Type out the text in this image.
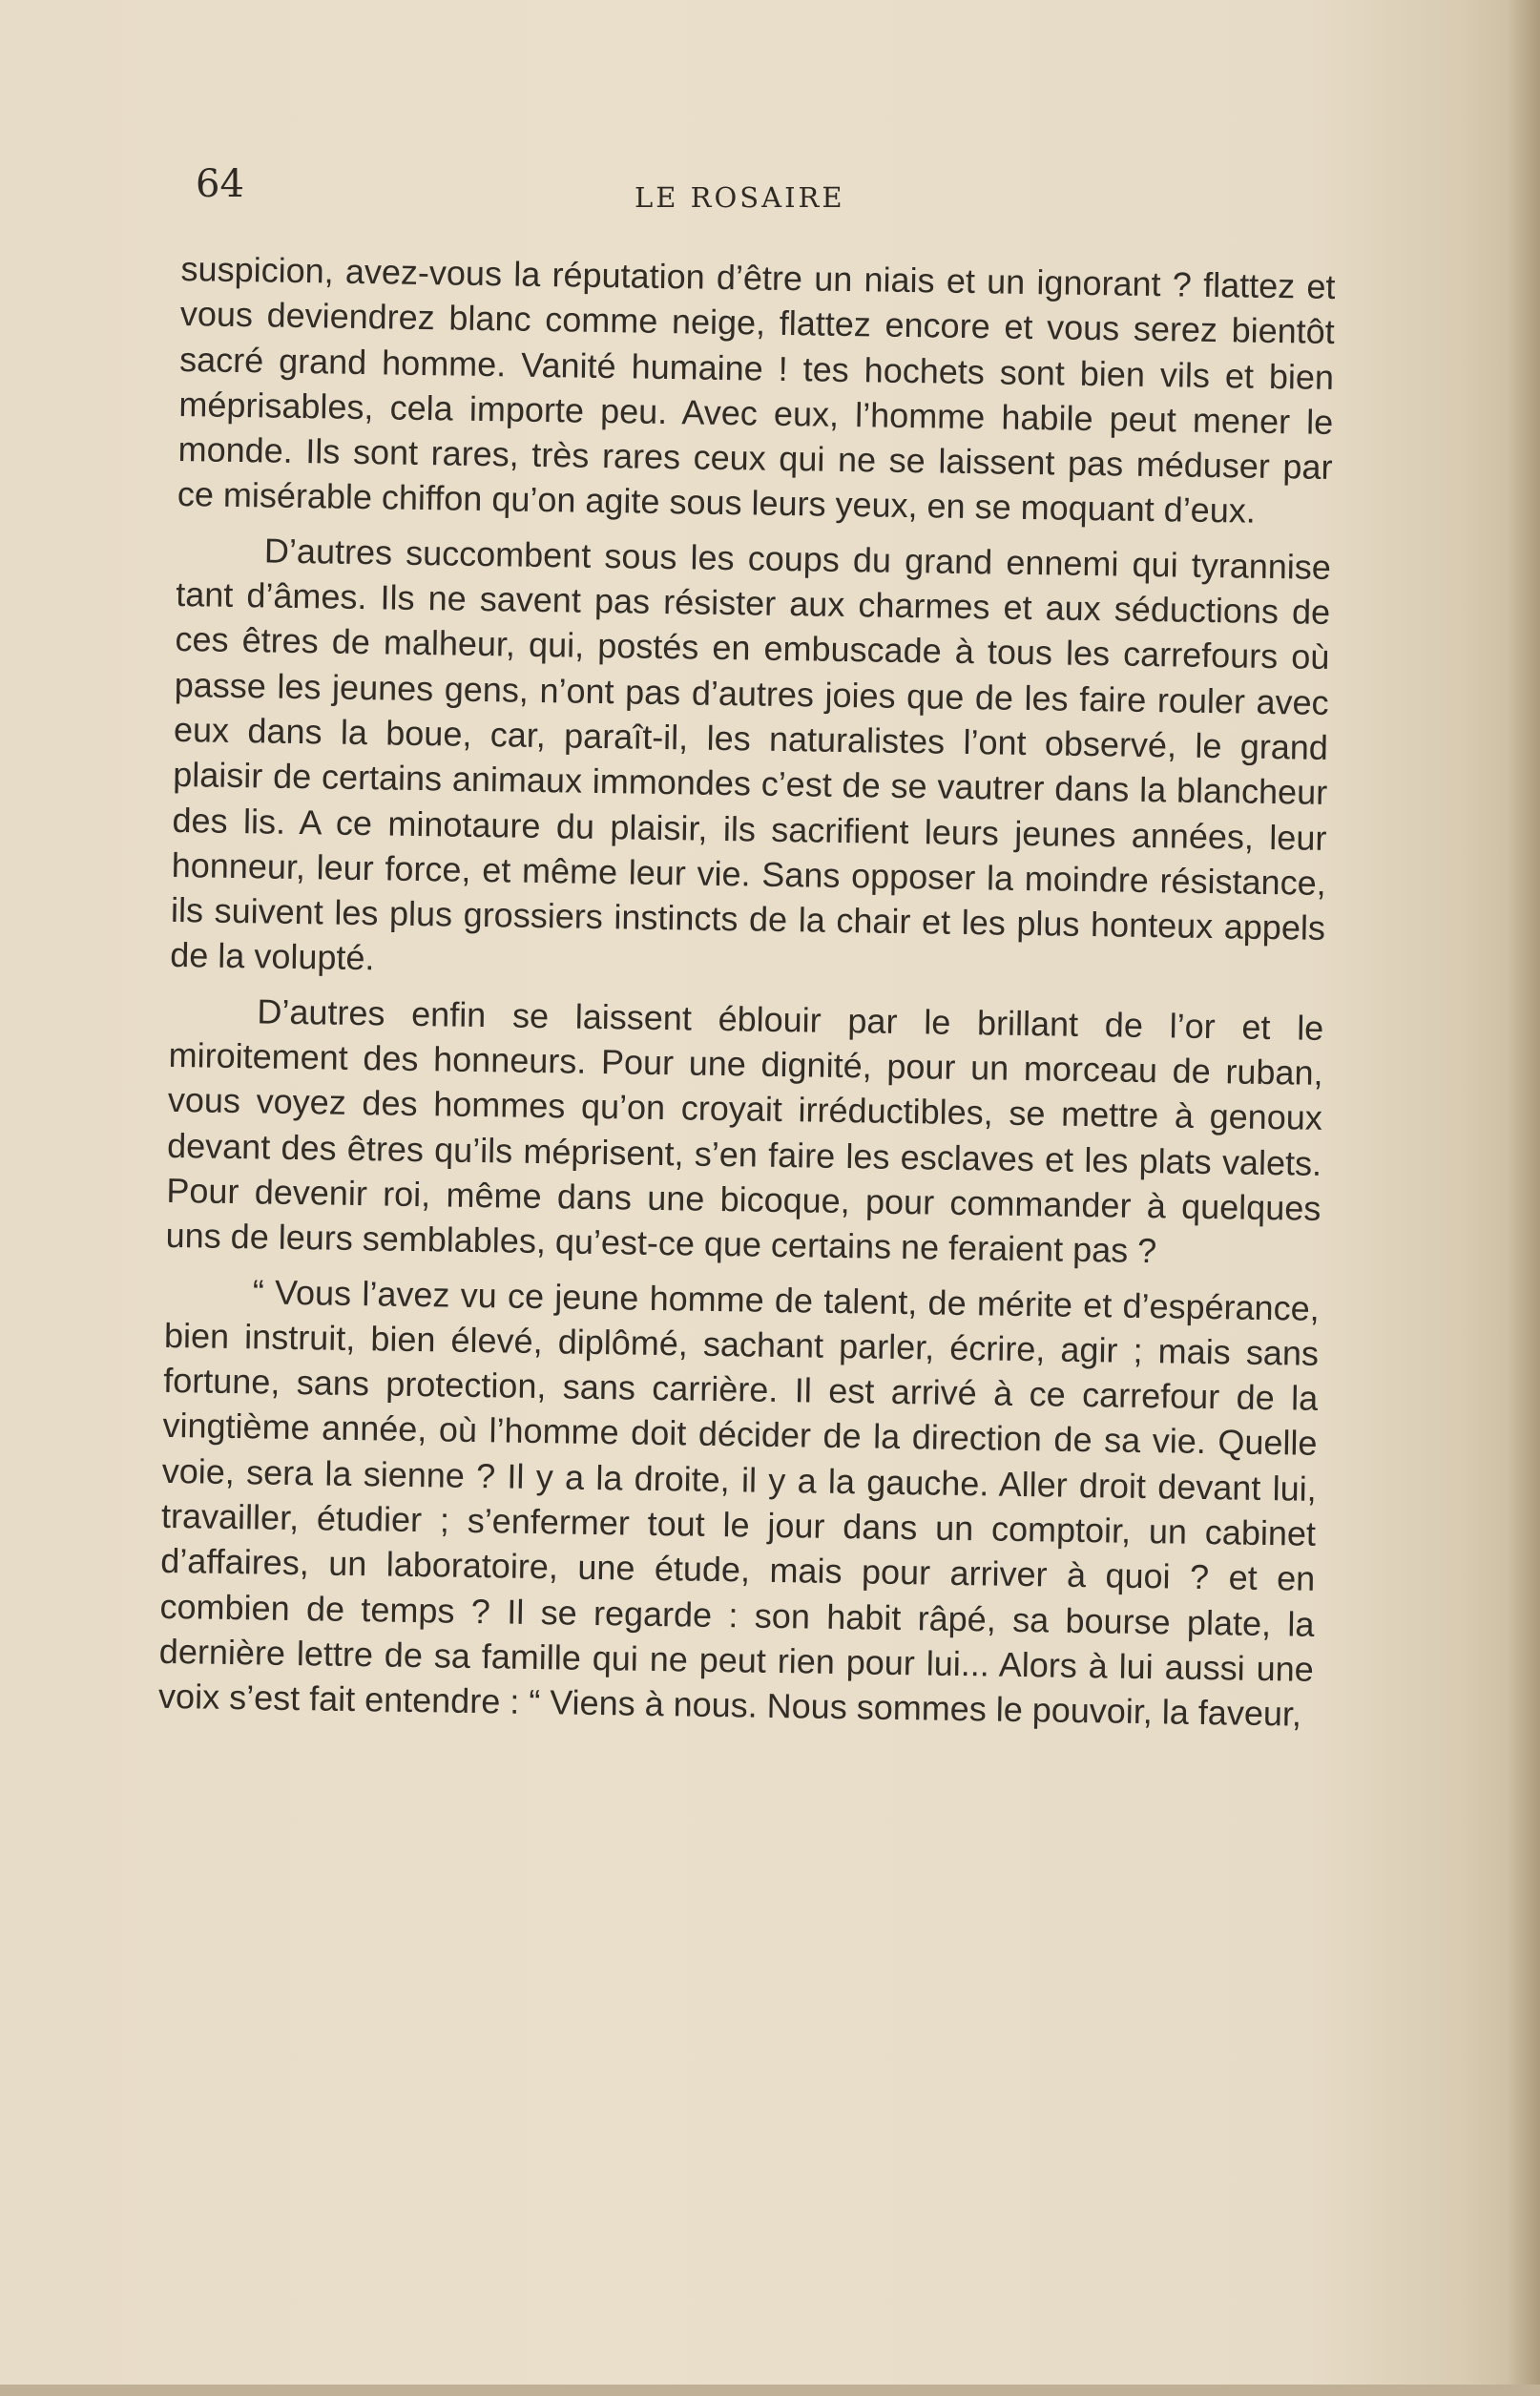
64	LE ROSAIRE

suspicion, avez-vous la réputation d’être un niais et un ignorant ? flattez et vous deviendrez blanc comme neige, flattez encore et vous serez bientôt sacré grand homme. Vanité humaine ! tes hochets sont bien vils et bien méprisables, cela importe peu. Avec eux, l’homme habile peut mener le monde. Ils sont rares, très rares ceux qui ne se laissent pas méduser par ce misérable chiffon qu’on agite sous leurs yeux, en se moquant d’eux.

D’autres succombent sous les coups du grand ennemi qui tyrannise tant d’âmes. Ils ne savent pas résister aux charmes et aux séductions de ces êtres de malheur, qui, postés en embuscade à tous les carrefours où passe les jeunes gens, n’ont pas d’autres joies que de les faire rouler avec eux dans la boue, car, paraît-il, les naturalistes l’ont observé, le grand plaisir de certains animaux immondes c’est de se vautrer dans la blancheur des lis. A ce minotaure du plaisir, ils sacrifient leurs jeunes années, leur honneur, leur force, et même leur vie. Sans opposer la moindre résistance, ils suivent les plus grossiers instincts de la chair et les plus honteux appels de la volupté.

D’autres enfin se laissent éblouir par le brillant de l’or et le miroitement des honneurs. Pour une dignité, pour un morceau de ruban, vous voyez des hommes qu’on croyait irréductibles, se mettre à genoux devant des êtres qu’ils méprisent, s’en faire les esclaves et les plats valets. Pour devenir roi, même dans une bicoque, pour commander à quelques uns de leurs semblables, qu’est-ce que certains ne feraient pas ?

“ Vous l’avez vu ce jeune homme de talent, de mérite et d’espérance, bien instruit, bien élevé, diplômé, sachant parler, écrire, agir ; mais sans fortune, sans protection, sans carrière. Il est arrivé à ce carrefour de la vingtième année, où l’homme doit décider de la direction de sa vie. Quelle voie, sera la sienne ? Il y a la droite, il y a la gauche. Aller droit devant lui, travailler, étudier ; s’enfermer tout le jour dans un comptoir, un cabinet d’affaires, un laboratoire, une étude, mais pour arriver à quoi ? et en combien de temps ? Il se regarde : son habit râpé, sa bourse plate, la dernière lettre de sa famille qui ne peut rien pour lui... Alors à lui aussi une voix s’est fait entendre : “ Viens à nous. Nous sommes le pouvoir, la faveur,
